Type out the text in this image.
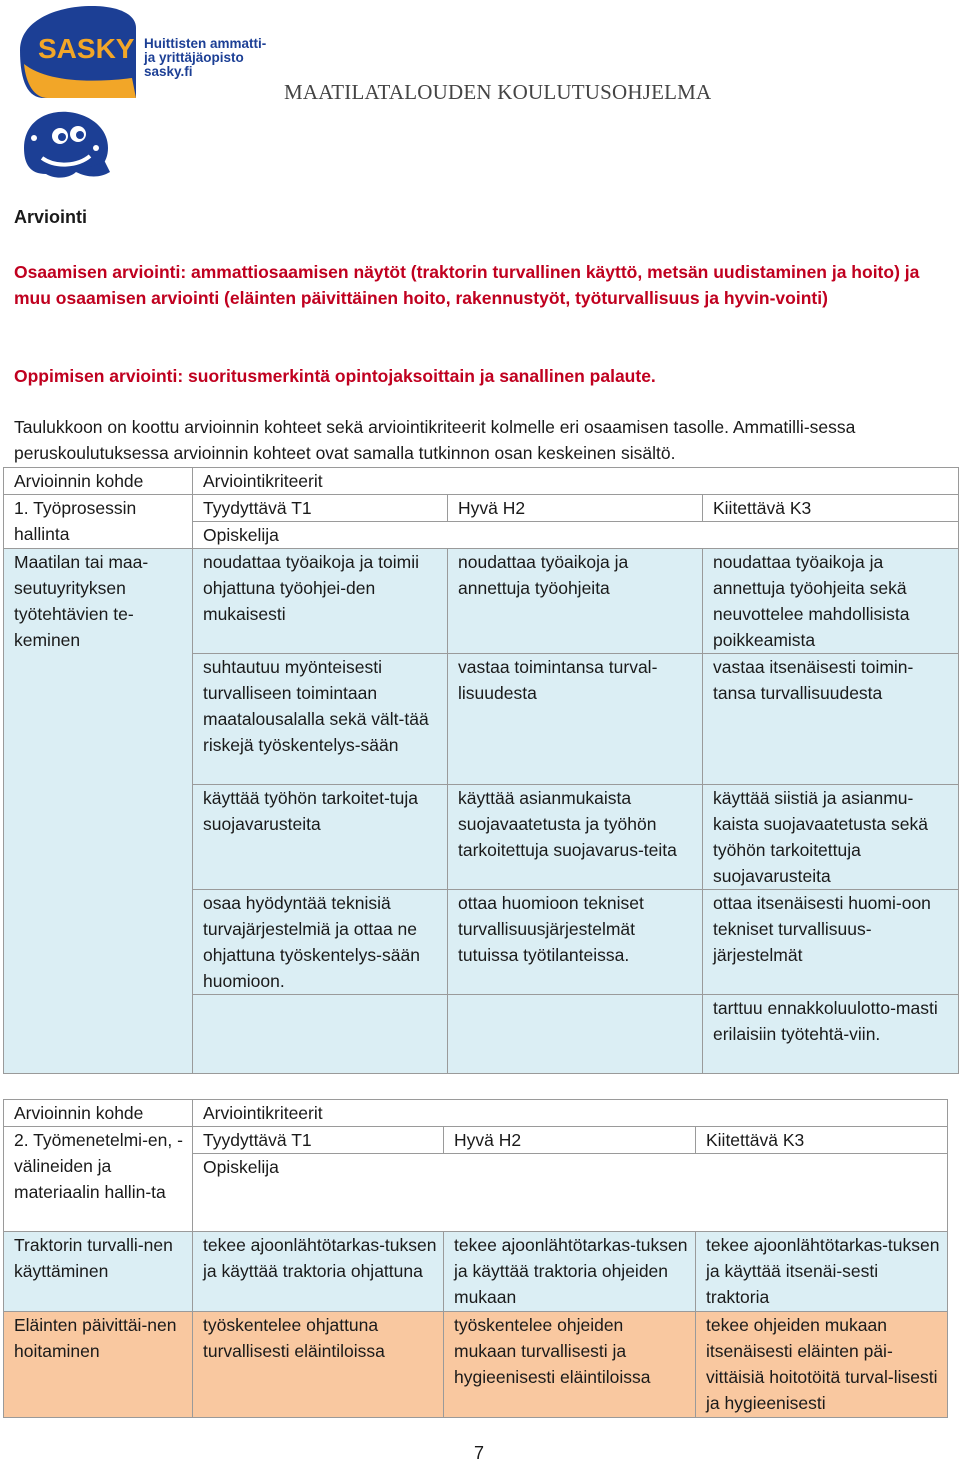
SASKY Huittisten ammatti-
ja yrittäjäopisto
sasky.fi
MAATILATALOUDEN KOULUTUSOHJELMA
Arviointi
Osaamisen arviointi: ammattiosaamisen näytöt (traktorin turvallinen käyttö, metsän uudistaminen ja hoito) ja muu osaamisen arviointi (eläinten päivittäinen hoito, rakennustyöt, työturvallisuus ja hyvin-vointi)
Oppimisen arviointi: suoritusmerkintä opintojaksoittain ja sanallinen palaute.
Taulukkoon on koottu arvioinnin kohteet sekä arviointikriteerit kolmelle eri osaamisen tasolle. Ammatilli-sessa peruskoulutuksessa arvioinnin kohteet ovat samalla tutkinnon osan keskeinen sisältö.
Arvioinnin kohde	Arviointikriteerit		
1. Työprosessin hallinta	Tyydyttävä T1	Hyvä H2	Kiitettävä K3
	Opiskelija		
Maatilan tai maa-seutuyrityksen työtehtävien te-keminen	noudattaa työaikoja ja toimii ohjattuna työohjei-den mukaisesti	noudattaa työaikoja ja annettuja työohjeita	noudattaa työaikoja ja annettuja työohjeita sekä neuvottelee mahdollisista poikkeamista
	suhtautuu myönteisesti turvalliseen toimintaan maatalousalalla sekä vält-tää riskejä työskentelys-sään	vastaa toimintansa turval-lisuudesta	vastaa itsenäisesti toimin-tansa turvallisuudesta
	käyttää työhön tarkoitet-tuja suojavarusteita	käyttää asianmukaista suojavaatetusta ja työhön tarkoitettuja suojavarus-teita	käyttää siistiä ja asianmu-kaista suojavaatetusta sekä työhön tarkoitettuja suojavarusteita
	osaa hyödyntää teknisiä turvajärjestelmiä ja ottaa ne ohjattuna työskentelys-sään huomioon.	ottaa huomioon tekniset turvallisuusjärjestelmät tutuissa työtilanteissa.	ottaa itsenäisesti huomi-oon tekniset turvallisuus-järjestelmät
			tarttuu ennakkoluulotto-masti erilaisiin työtehtä-viin.
Arvioinnin kohde	Arviointikriteerit		
2. Työmenetelmi-en, -välineiden ja materiaalin hallin-ta	Tyydyttävä T1	Hyvä H2	Kiitettävä K3
	Opiskelija		
Traktorin turvalli-nen käyttäminen	tekee ajoonlähtötarkas-tuksen ja käyttää traktoria ohjattuna	tekee ajoonlähtötarkas-tuksen ja käyttää traktoria ohjeiden mukaan	tekee ajoonlähtötarkas-tuksen ja käyttää itsenäi-sesti traktoria
Eläinten päivittäi-nen hoitaminen	työskentelee ohjattuna turvallisesti eläintiloissa	työskentelee ohjeiden mukaan turvallisesti ja hygieenisesti eläintiloissa	tekee ohjeiden mukaan itsenäisesti eläinten päi-vittäisiä hoitotöitä turval-lisesti ja hygieenisesti
7
